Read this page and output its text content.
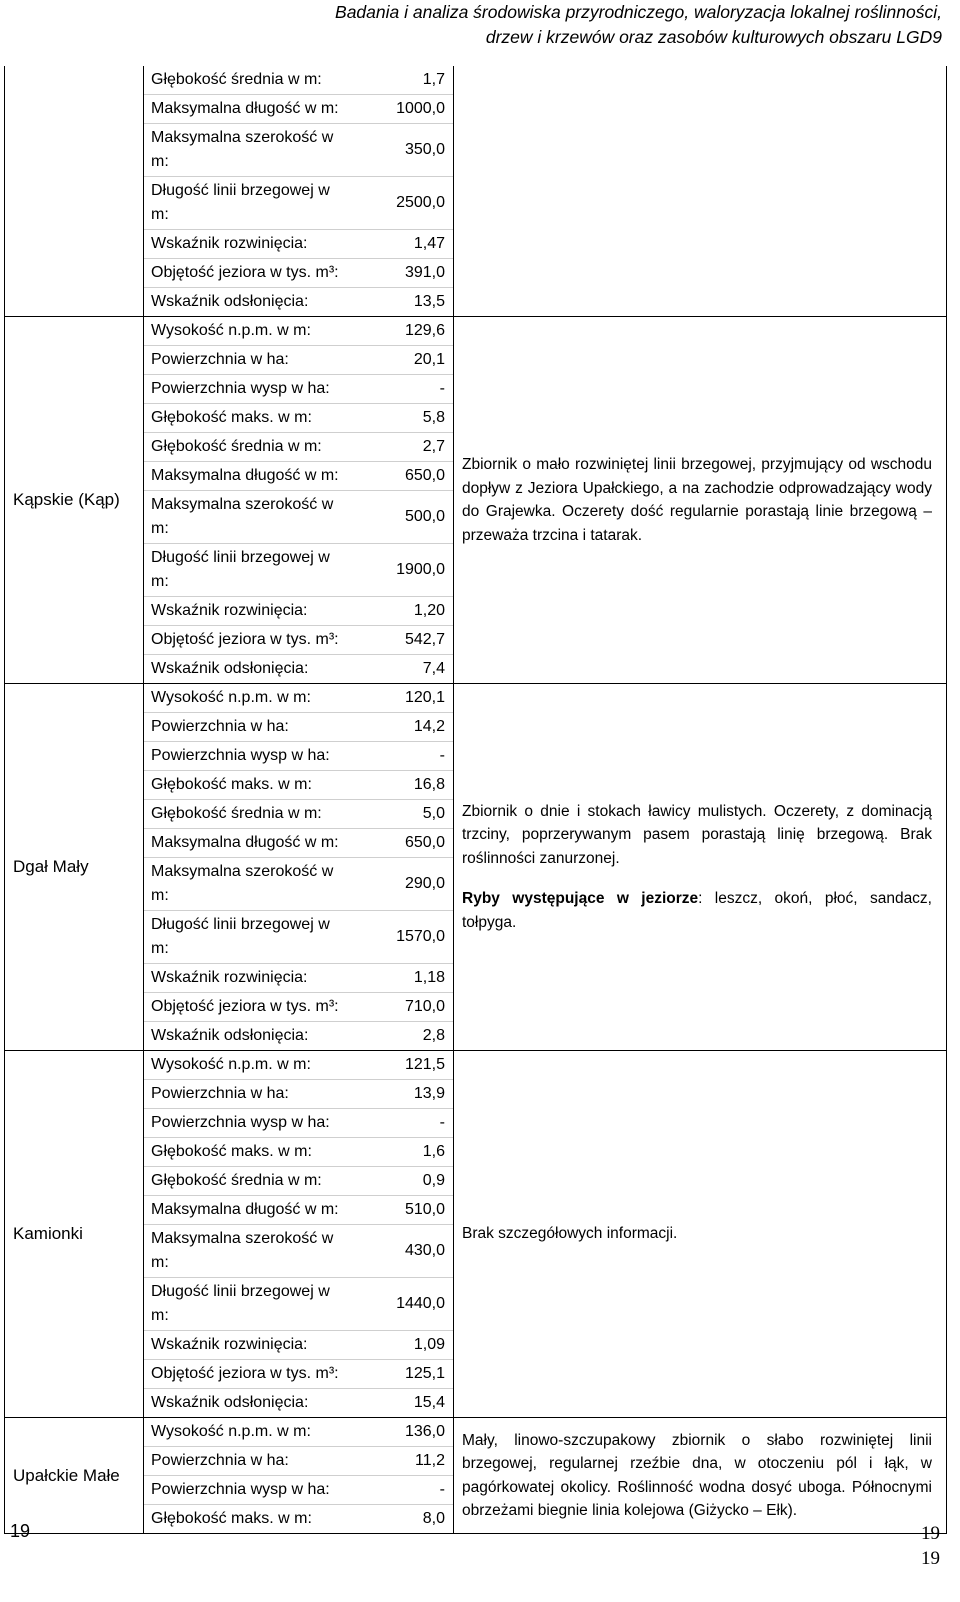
Badania i analiza środowiska przyrodniczego, waloryzacja lokalnej roślinności,
drzew i krzewów oraz zasobów kulturowych obszaru LGD9

Głębokość średnia w m:	1,7
Maksymalna długość w m:	1000,0
Maksymalna szerokość w m:	350,0
Długość linii brzegowej w m:	2500,0
Wskaźnik rozwinięcia:	1,47
Objętość jeziora w tys. m³:	391,0
Wskaźnik odsłonięcia:	13,5

Kąpskie (Kąp)	
Wysokość n.p.m. w m:	129,6
Powierzchnia w ha:	20,1
Powierzchnia wysp w ha:	-
Głębokość maks. w m:	5,8
Głębokość średnia w m:	2,7
Maksymalna długość w m:	650,0
Maksymalna szerokość w m:	500,0
Długość linii brzegowej w m:	1900,0
Wskaźnik rozwinięcia:	1,20
Objętość jeziora w tys. m³:	542,7
Wskaźnik odsłonięcia:	7,4

Zbiornik o mało rozwiniętej linii brzegowej, przyjmujący od wschodu dopływ z Jeziora Upałckiego, a na zachodzie odprowadzający wody do Grajewka. Oczerety dość regularnie porastają linie brzegową – przeważa trzcina i tatarak.

Dgał Mały	
Wysokość n.p.m. w m:	120,1
Powierzchnia w ha:	14,2
Powierzchnia wysp w ha:	-
Głębokość maks. w m:	16,8
Głębokość średnia w m:	5,0
Maksymalna długość w m:	650,0
Maksymalna szerokość w m:	290,0
Długość linii brzegowej w m:	1570,0
Wskaźnik rozwinięcia:	1,18
Objętość jeziora w tys. m³:	710,0
Wskaźnik odsłonięcia:	2,8

Zbiornik o dnie i stokach ławicy mulistych. Oczerety, z dominacją trzciny, poprzerywanym pasem porastają linię brzegową. Brak roślinności zanurzonej.

Ryby występujące w jeziorze: leszcz, okoń, płoć, sandacz, tołpyga.

Kamionki	
Wysokość n.p.m. w m:	121,5
Powierzchnia w ha:	13,9
Powierzchnia wysp w ha:	-
Głębokość maks. w m:	1,6
Głębokość średnia w m:	0,9
Maksymalna długość w m:	510,0
Maksymalna szerokość w m:	430,0
Długość linii brzegowej w m:	1440,0
Wskaźnik rozwinięcia:	1,09
Objętość jeziora w tys. m³:	125,1
Wskaźnik odsłonięcia:	15,4

Brak szczegółowych informacji.

Upałckie Małe	
Wysokość n.p.m. w m:	136,0
Powierzchnia w ha:	11,2
Powierzchnia wysp w ha:	-
Głębokość maks. w m:	8,0

Mały, linowo-szczupakowy zbiornik o słabo rozwiniętej linii brzegowej, regularnej rzeźbie dna, w otoczeniu pól i łąk, w pagórkowatej okolicy. Roślinność wodna dosyć uboga. Północnymi obrzeżami biegnie linia kolejowa (Giżycko – Ełk).

19	19
19
